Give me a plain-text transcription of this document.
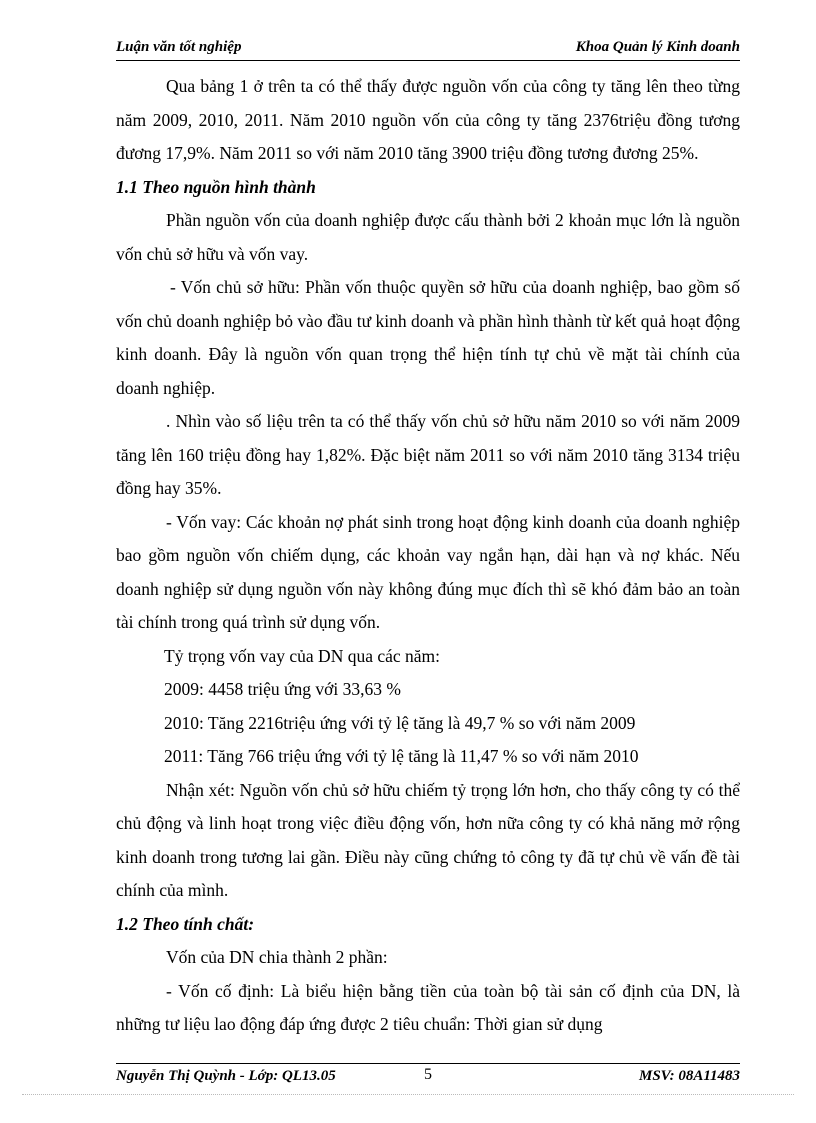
Luận văn tốt nghiệp	Khoa Quản lý Kinh doanh

Qua bảng 1 ở trên ta có thể thấy được nguồn vốn của công ty tăng lên theo từng năm 2009, 2010, 2011. Năm 2010 nguồn vốn của công ty tăng 2376triệu đồng tương đương 17,9%. Năm 2011 so với năm 2010 tăng 3900 triệu đồng tương đương 25%.

1.1 Theo nguồn hình thành

Phần nguồn vốn của doanh nghiệp được cấu thành bởi 2 khoản mục lớn là nguồn vốn chủ sở hữu và vốn vay.

- Vốn chủ sở hữu: Phần vốn thuộc quyền sở hữu của doanh nghiệp, bao gồm số vốn chủ doanh nghiệp bỏ vào đầu tư kinh doanh và phần hình thành từ kết quả hoạt động kinh doanh. Đây là nguồn vốn quan trọng thể hiện tính tự chủ về mặt tài chính của doanh nghiệp.

. Nhìn vào số liệu trên ta có thể thấy vốn chủ sở hữu năm 2010 so với năm 2009 tăng lên 160 triệu đồng hay 1,82%. Đặc biệt năm 2011 so với năm 2010 tăng 3134 triệu đồng hay 35%.

- Vốn vay: Các khoản nợ phát sinh trong hoạt động kinh doanh của doanh nghiệp bao gồm nguồn vốn chiếm dụng, các khoản vay ngắn hạn, dài hạn và nợ khác. Nếu doanh nghiệp sử dụng nguồn vốn này không đúng mục đích thì sẽ khó đảm bảo an toàn tài chính trong quá trình sử dụng vốn.

Tỷ trọng vốn vay của DN qua các năm:

2009: 4458 triệu ứng với 33,63 %

2010: Tăng 2216triệu ứng với tỷ lệ tăng là 49,7 % so với năm 2009

2011: Tăng 766 triệu ứng với tỷ lệ tăng là 11,47 % so với năm 2010

Nhận xét: Nguồn vốn chủ sở hữu chiếm tỷ trọng lớn hơn, cho thấy công ty có thể chủ động và linh hoạt trong việc điều động vốn, hơn nữa công ty có khả năng mở rộng kinh doanh trong tương lai gần. Điều này cũng chứng tỏ công ty đã tự chủ về vấn đề tài chính của mình.

1.2 Theo tính chất:

Vốn của DN chia thành 2 phần:

- Vốn cố định: Là biểu hiện bằng tiền của toàn bộ tài sản cố định của DN, là những tư liệu lao động đáp ứng được 2 tiêu chuẩn: Thời gian sử dụng

Nguyễn Thị Quỳnh - Lớp: QL13.05	5	MSV: 08A11483
